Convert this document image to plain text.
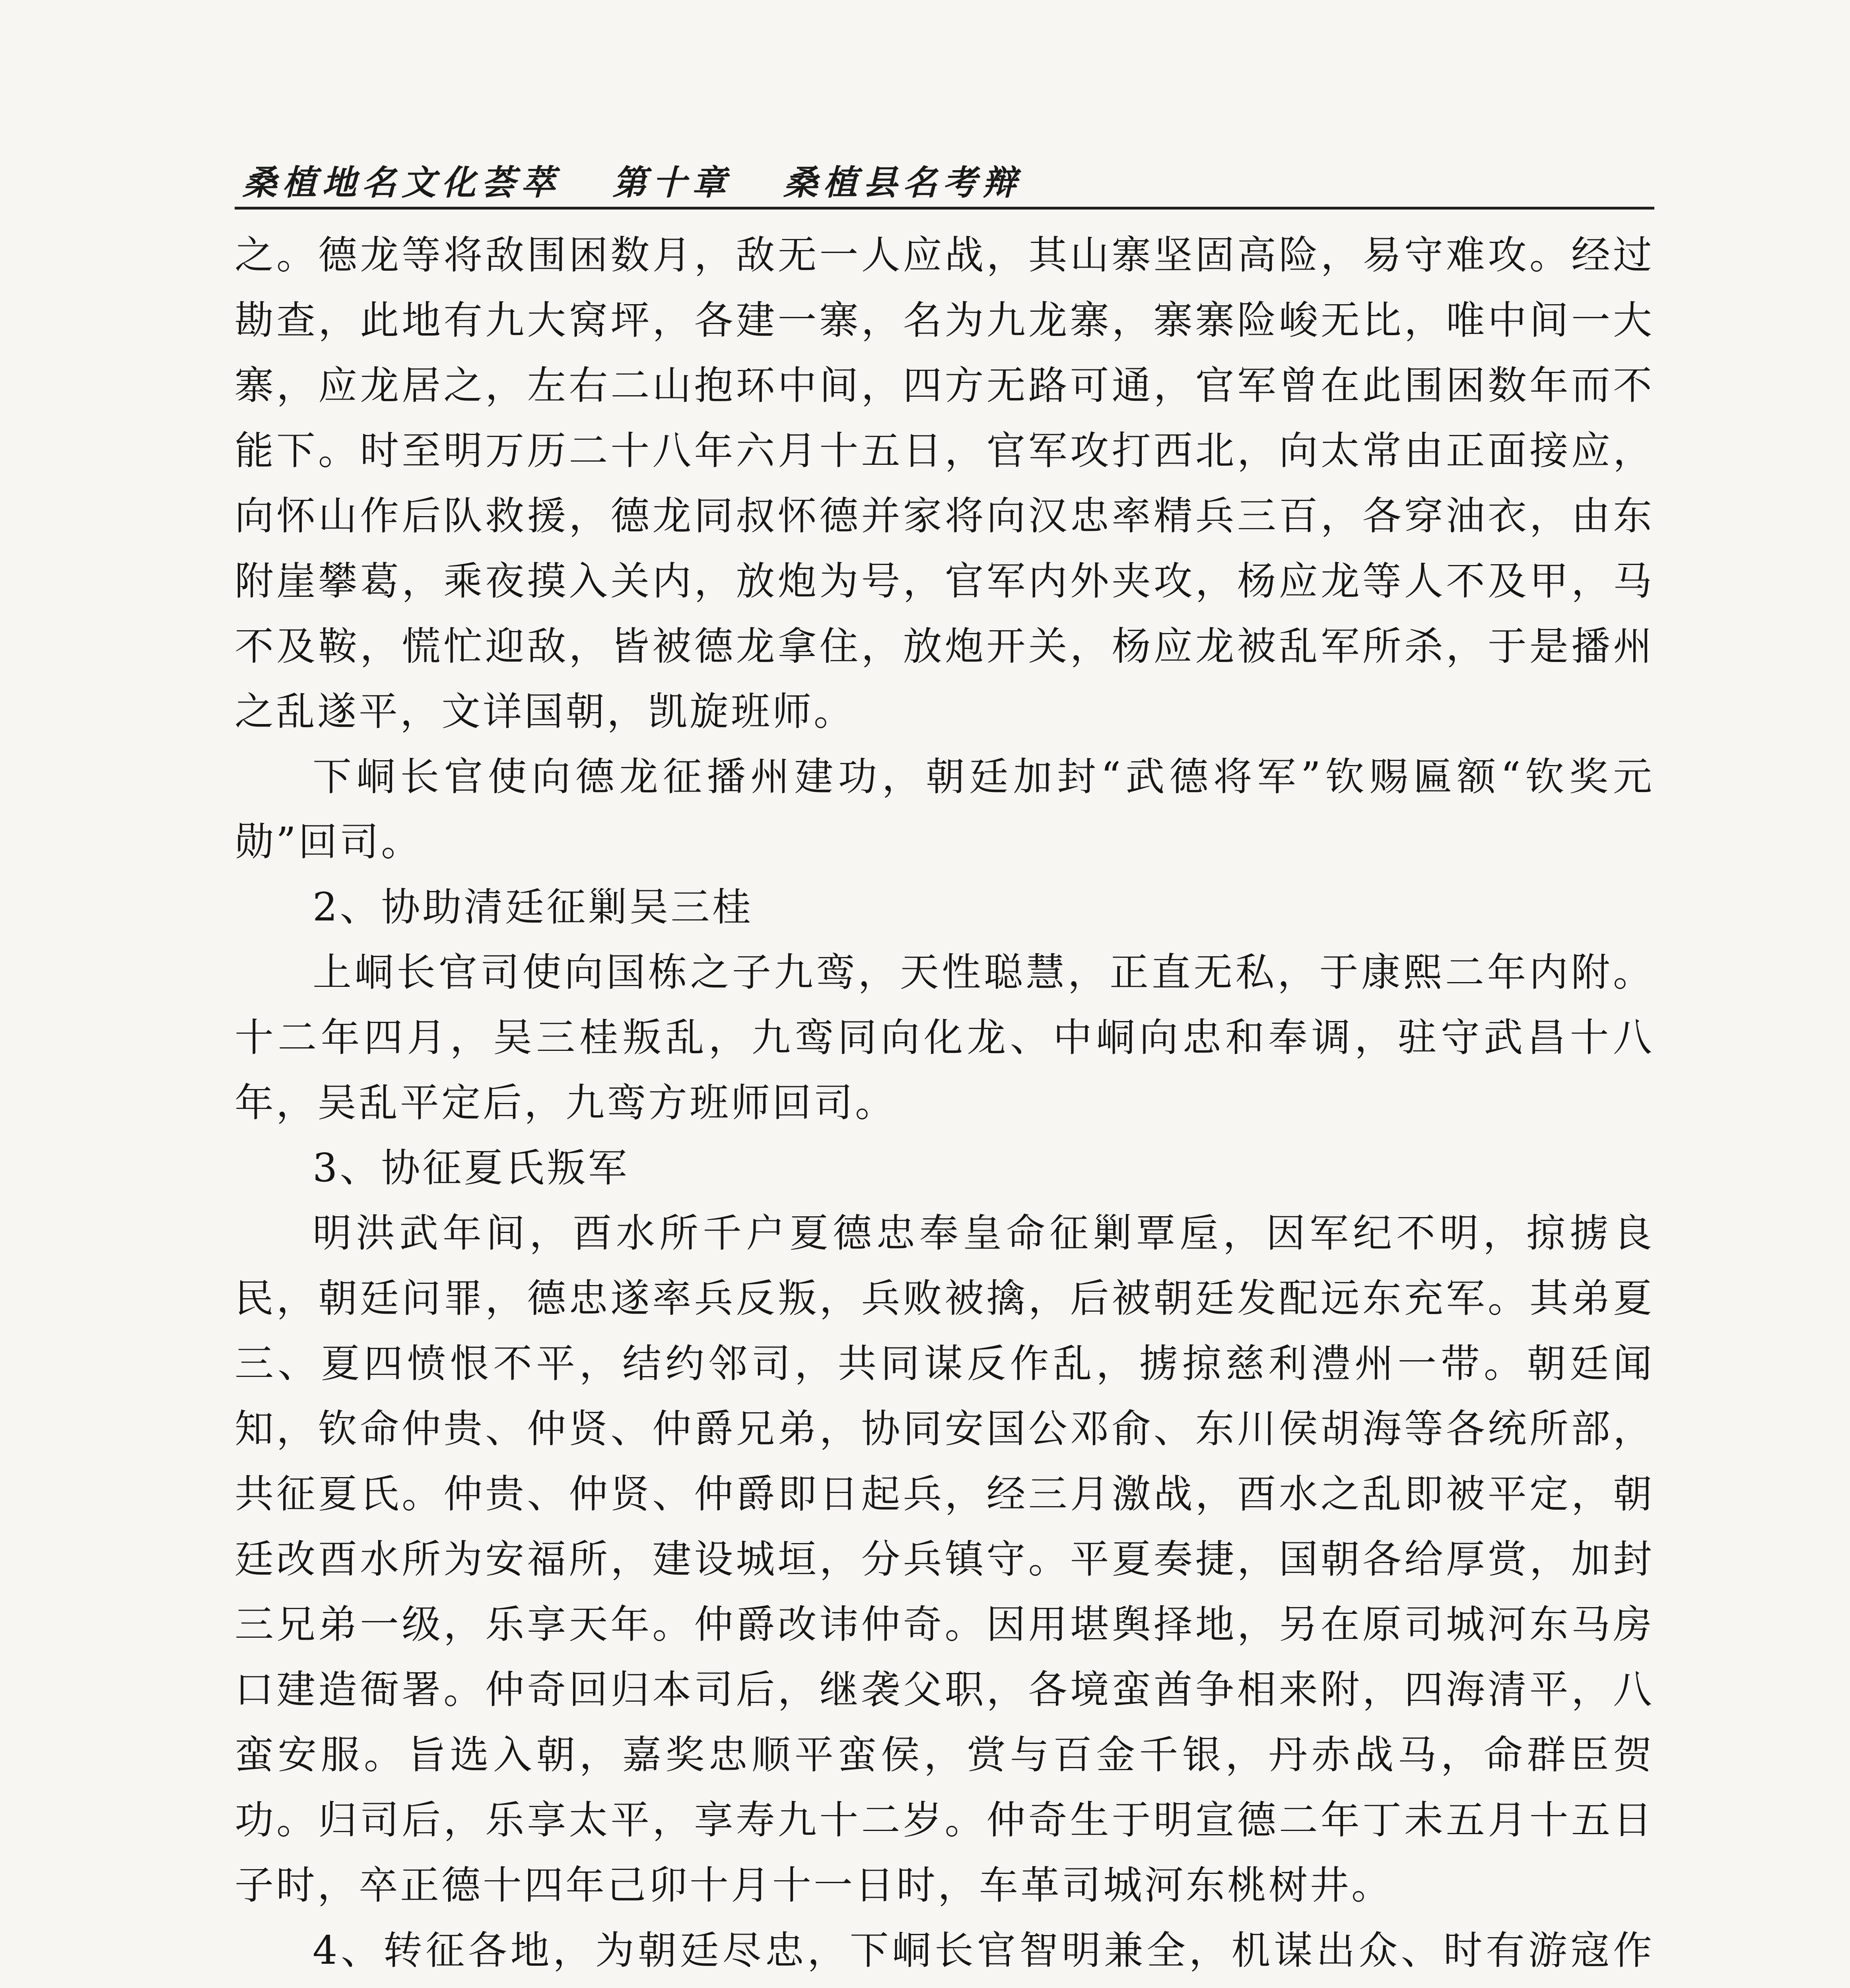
桑植地名文化荟萃 第十章 桑植县名考辩

之。德龙等将敌围困数月，敌无一人应战，其山寨坚固高险，易守难攻。经过勘查，此地有九大窝坪，各建一寨，名为九龙寨，寨寨险峻无比，唯中间一大寨，应龙居之，左右二山抱环中间，四方无路可通，官军曾在此围困数年而不能下。时至明万历二十八年六月十五日，官军攻打西北，向太常由正面接应，向怀山作后队救援，德龙同叔怀德并家将向汉忠率精兵三百，各穿油衣，由东附崖攀葛，乘夜摸入关内，放炮为号，官军内外夹攻，杨应龙等人不及甲，马不及鞍，慌忙迎敌，皆被德龙拿住，放炮开关，杨应龙被乱军所杀，于是播州之乱遂平，文详国朝，凯旋班师。

下峒长官使向德龙征播州建功，朝廷加封“武德将军”钦赐匾额“钦奖元勋”回司。

2、协助清廷征剿吴三桂

上峒长官司使向国栋之子九鸾，天性聪慧，正直无私，于康熙二年内附。十二年四月，吴三桂叛乱，九鸾同向化龙、中峒向忠和奉调，驻守武昌十八年，吴乱平定后，九鸾方班师回司。

3、协征夏氏叛军

明洪武年间，酉水所千户夏德忠奉皇命征剿覃垕，因军纪不明，掠掳良民，朝廷问罪，德忠遂率兵反叛，兵败被擒，后被朝廷发配远东充军。其弟夏三、夏四愤恨不平，结约邻司，共同谋反作乱，掳掠慈利澧州一带。朝廷闻知，钦命仲贵、仲贤、仲爵兄弟，协同安国公邓俞、东川侯胡海等各统所部，共征夏氏。仲贵、仲贤、仲爵即日起兵，经三月激战，酉水之乱即被平定，朝廷改酉水所为安福所，建设城垣，分兵镇守。平夏奏捷，国朝各给厚赏，加封三兄弟一级，乐享天年。仲爵改讳仲奇。因用堪舆择地，另在原司城河东马房口建造衙署。仲奇回归本司后，继袭父职，各境蛮酋争相来附，四海清平，八蛮安服。旨选入朝，嘉奖忠顺平蛮侯，赏与百金千银，丹赤战马，命群臣贺功。归司后，乐享太平，享寿九十二岁。仲奇生于明宣德二年丁未五月十五日子时，卒正德十四年己卯十月十一日时，车革司城河东桃树井。

4、转征各地，为朝廷尽忠，下峒长官智明兼全，机谋出众、时有游寇作
